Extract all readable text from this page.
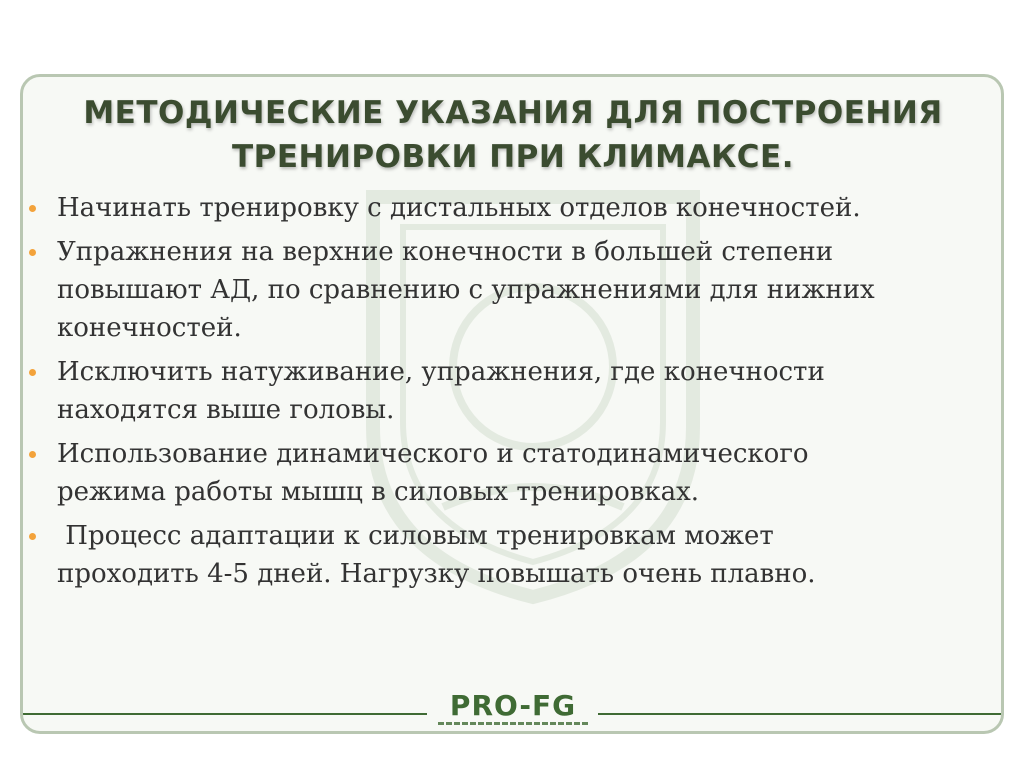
МЕТОДИЧЕСКИЕ УКАЗАНИЯ ДЛЯ ПОСТРОЕНИЯ
ТРЕНИРОВКИ ПРИ КЛИМАКСЕ.
Начинать тренировку с дистальных отделов конечностей.
Упражнения на верхние конечности в большей степени
повышают АД, по сравнению с упражнениями для нижних
конечностей.
Исключить натуживание, упражнения, где конечности
находятся выше головы.
Использование динамического и статодинамического
режима работы мышц в силовых тренировках.
Процесс адаптации к силовым тренировкам может
проходить 4-5 дней. Нагрузку повышать очень плавно.
PRO-FG
